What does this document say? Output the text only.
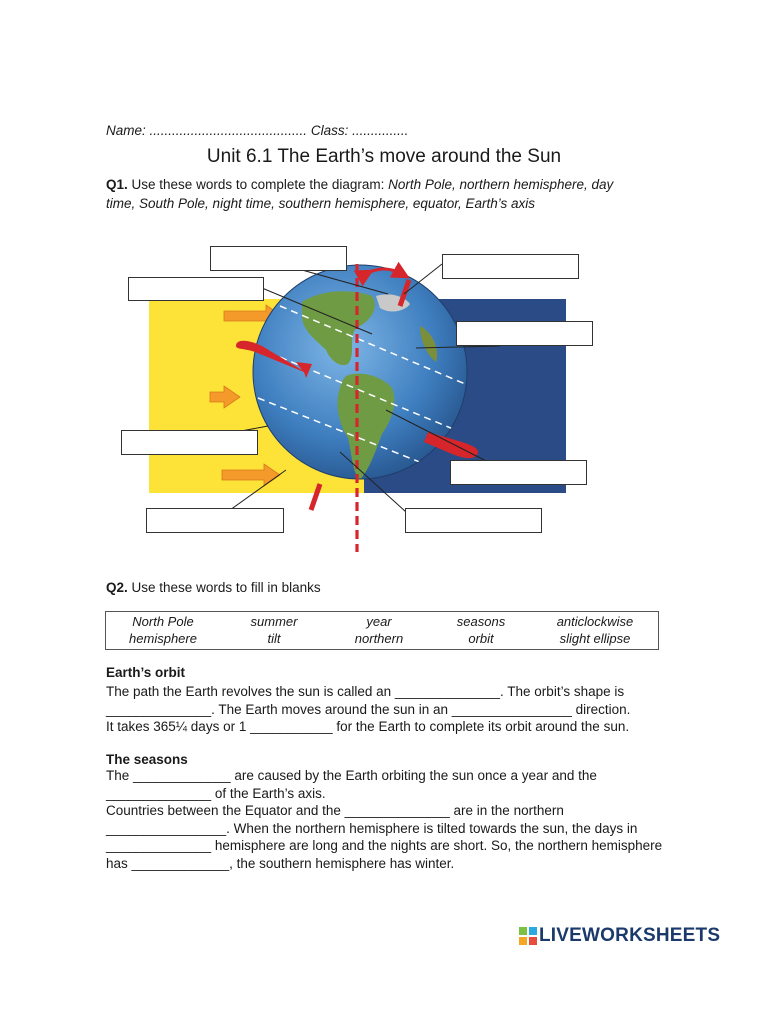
Name: .......................................... Class: ...............
Unit 6.1 The Earth’s move around the Sun
Q1. Use these words to complete the diagram: North Pole, northern hemisphere, day
time, South Pole, night time, southern hemisphere, equator, Earth’s axis
Q2. Use these words to fill in blanks
North Pole	summer	year	seasons	anticlockwise
hemisphere	tilt	northern	orbit	slight ellipse
Earth’s orbit

The path the Earth revolves the sun is called an ______________. The orbit’s shape is

______________. The Earth moves around the sun in an ________________ direction.

It takes 365¼ days or 1 ___________ for the Earth to complete its orbit around the sun.

The seasons

The _____________ are caused by the Earth orbiting the sun once a year and the

______________ of the Earth’s axis.

Countries between the Equator and the ______________ are in the northern

________________. When the northern hemisphere is tilted towards the sun, the days in

______________ hemisphere are long and the nights are short. So, the northern hemisphere

has _____________, the southern hemisphere has winter.

LIVEWORKSHEETS
